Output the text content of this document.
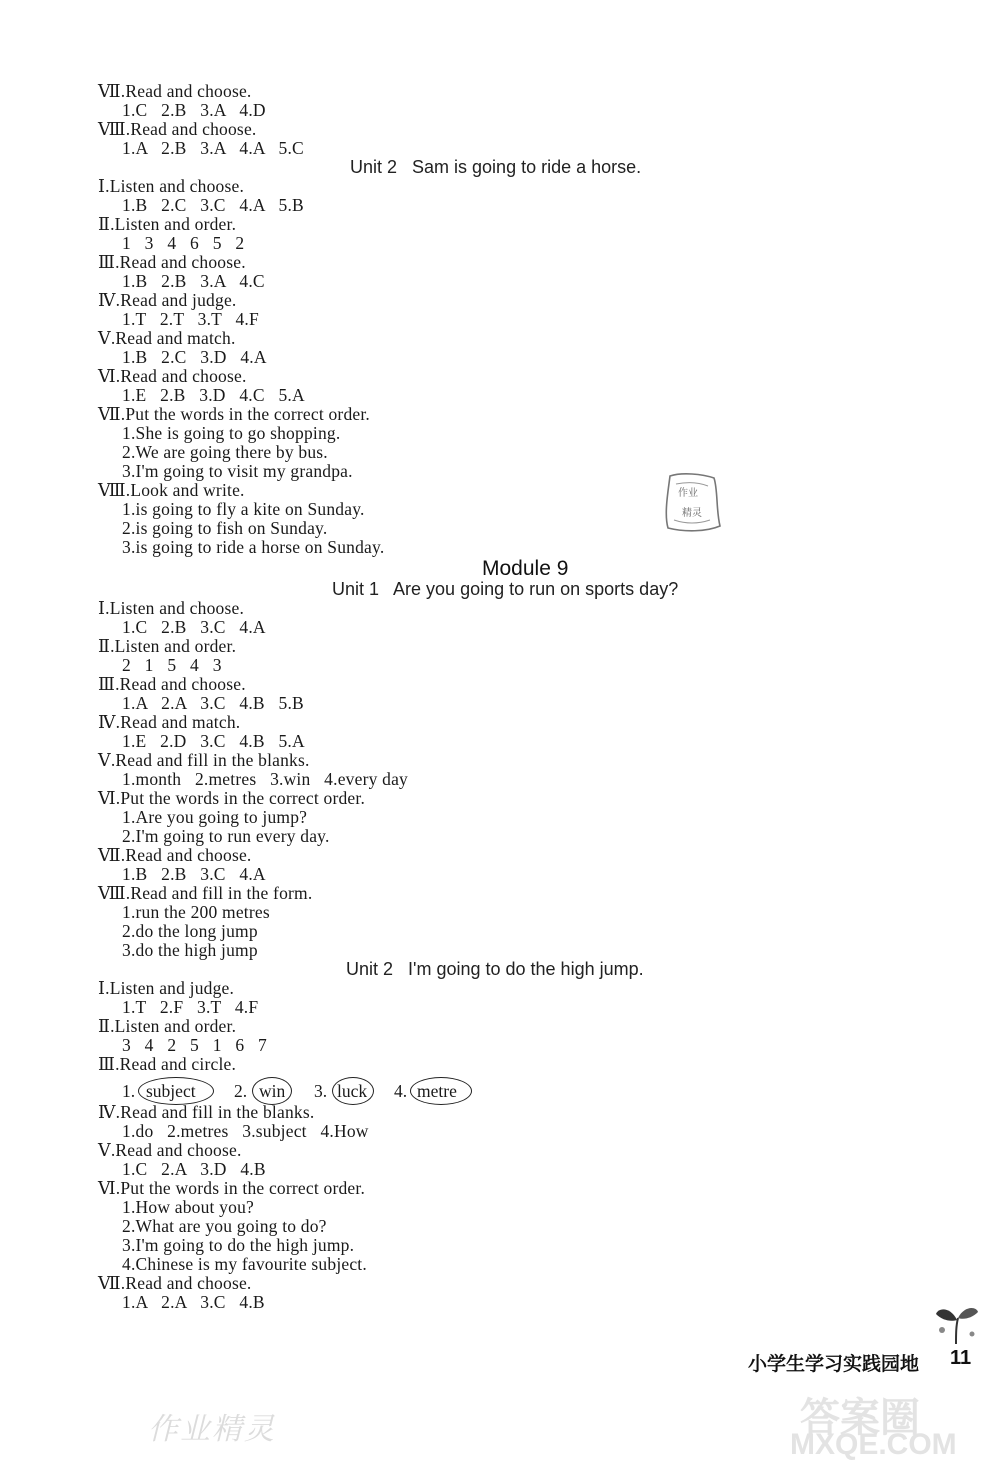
Ⅶ.Read and choose.
1.C   2.B   3.A   4.D
Ⅷ.Read and choose.
1.A   2.B   3.A   4.A   5.C
Unit 2   Sam is going to ride a horse.
Ⅰ.Listen and choose.
1.B   2.C   3.C   4.A   5.B
Ⅱ.Listen and order.
1   3   4   6   5   2
Ⅲ.Read and choose.
1.B   2.B   3.A   4.C
Ⅳ.Read and judge.
1.T   2.T   3.T   4.F
Ⅴ.Read and match.
1.B   2.C   3.D   4.A
Ⅵ.Read and choose.
1.E   2.B   3.D   4.C   5.A
Ⅶ.Put the words in the correct order.
1.She is going to go shopping.
2.We are going there by bus.
3.I'm going to visit my grandpa.
Ⅷ.Look and write.
1.is going to fly a kite on Sunday.
2.is going to fish on Sunday.
3.is going to ride a horse on Sunday.
作业
精灵
Module 9
Unit 1   Are you going to run on sports day?
Ⅰ.Listen and choose.
1.C   2.B   3.C   4.A
Ⅱ.Listen and order.
2   1   5   4   3
Ⅲ.Read and choose.
1.A   2.A   3.C   4.B   5.B
Ⅳ.Read and match.
1.E   2.D   3.C   4.B   5.A
Ⅴ.Read and fill in the blanks.
1.month   2.metres   3.win   4.every day
Ⅵ.Put the words in the correct order.
1.Are you going to jump?
2.I'm going to run every day.
Ⅶ.Read and choose.
1.B   2.B   3.C   4.A
Ⅷ.Read and fill in the form.
1.run the 200 metres
2.do the long jump
3.do the high jump
Unit 2   I'm going to do the high jump.
Ⅰ.Listen and judge.
1.T   2.F   3.T   4.F
Ⅱ.Listen and order.
3   4   2   5   1   6   7
Ⅲ.Read and circle.
1. subject 2. win 3. luck 4. metre
Ⅳ.Read and fill in the blanks.
1.do   2.metres   3.subject   4.How
Ⅴ.Read and choose.
1.C   2.A   3.D   4.B
Ⅵ.Put the words in the correct order.
1.How about you?
2.What are you going to do?
3.I'm going to do the high jump.
4.Chinese is my favourite subject.
Ⅶ.Read and choose.
1.A   2.A   3.C   4.B
小学生学习实践园地 11
作业精灵	答案圈
MXQE.COM
